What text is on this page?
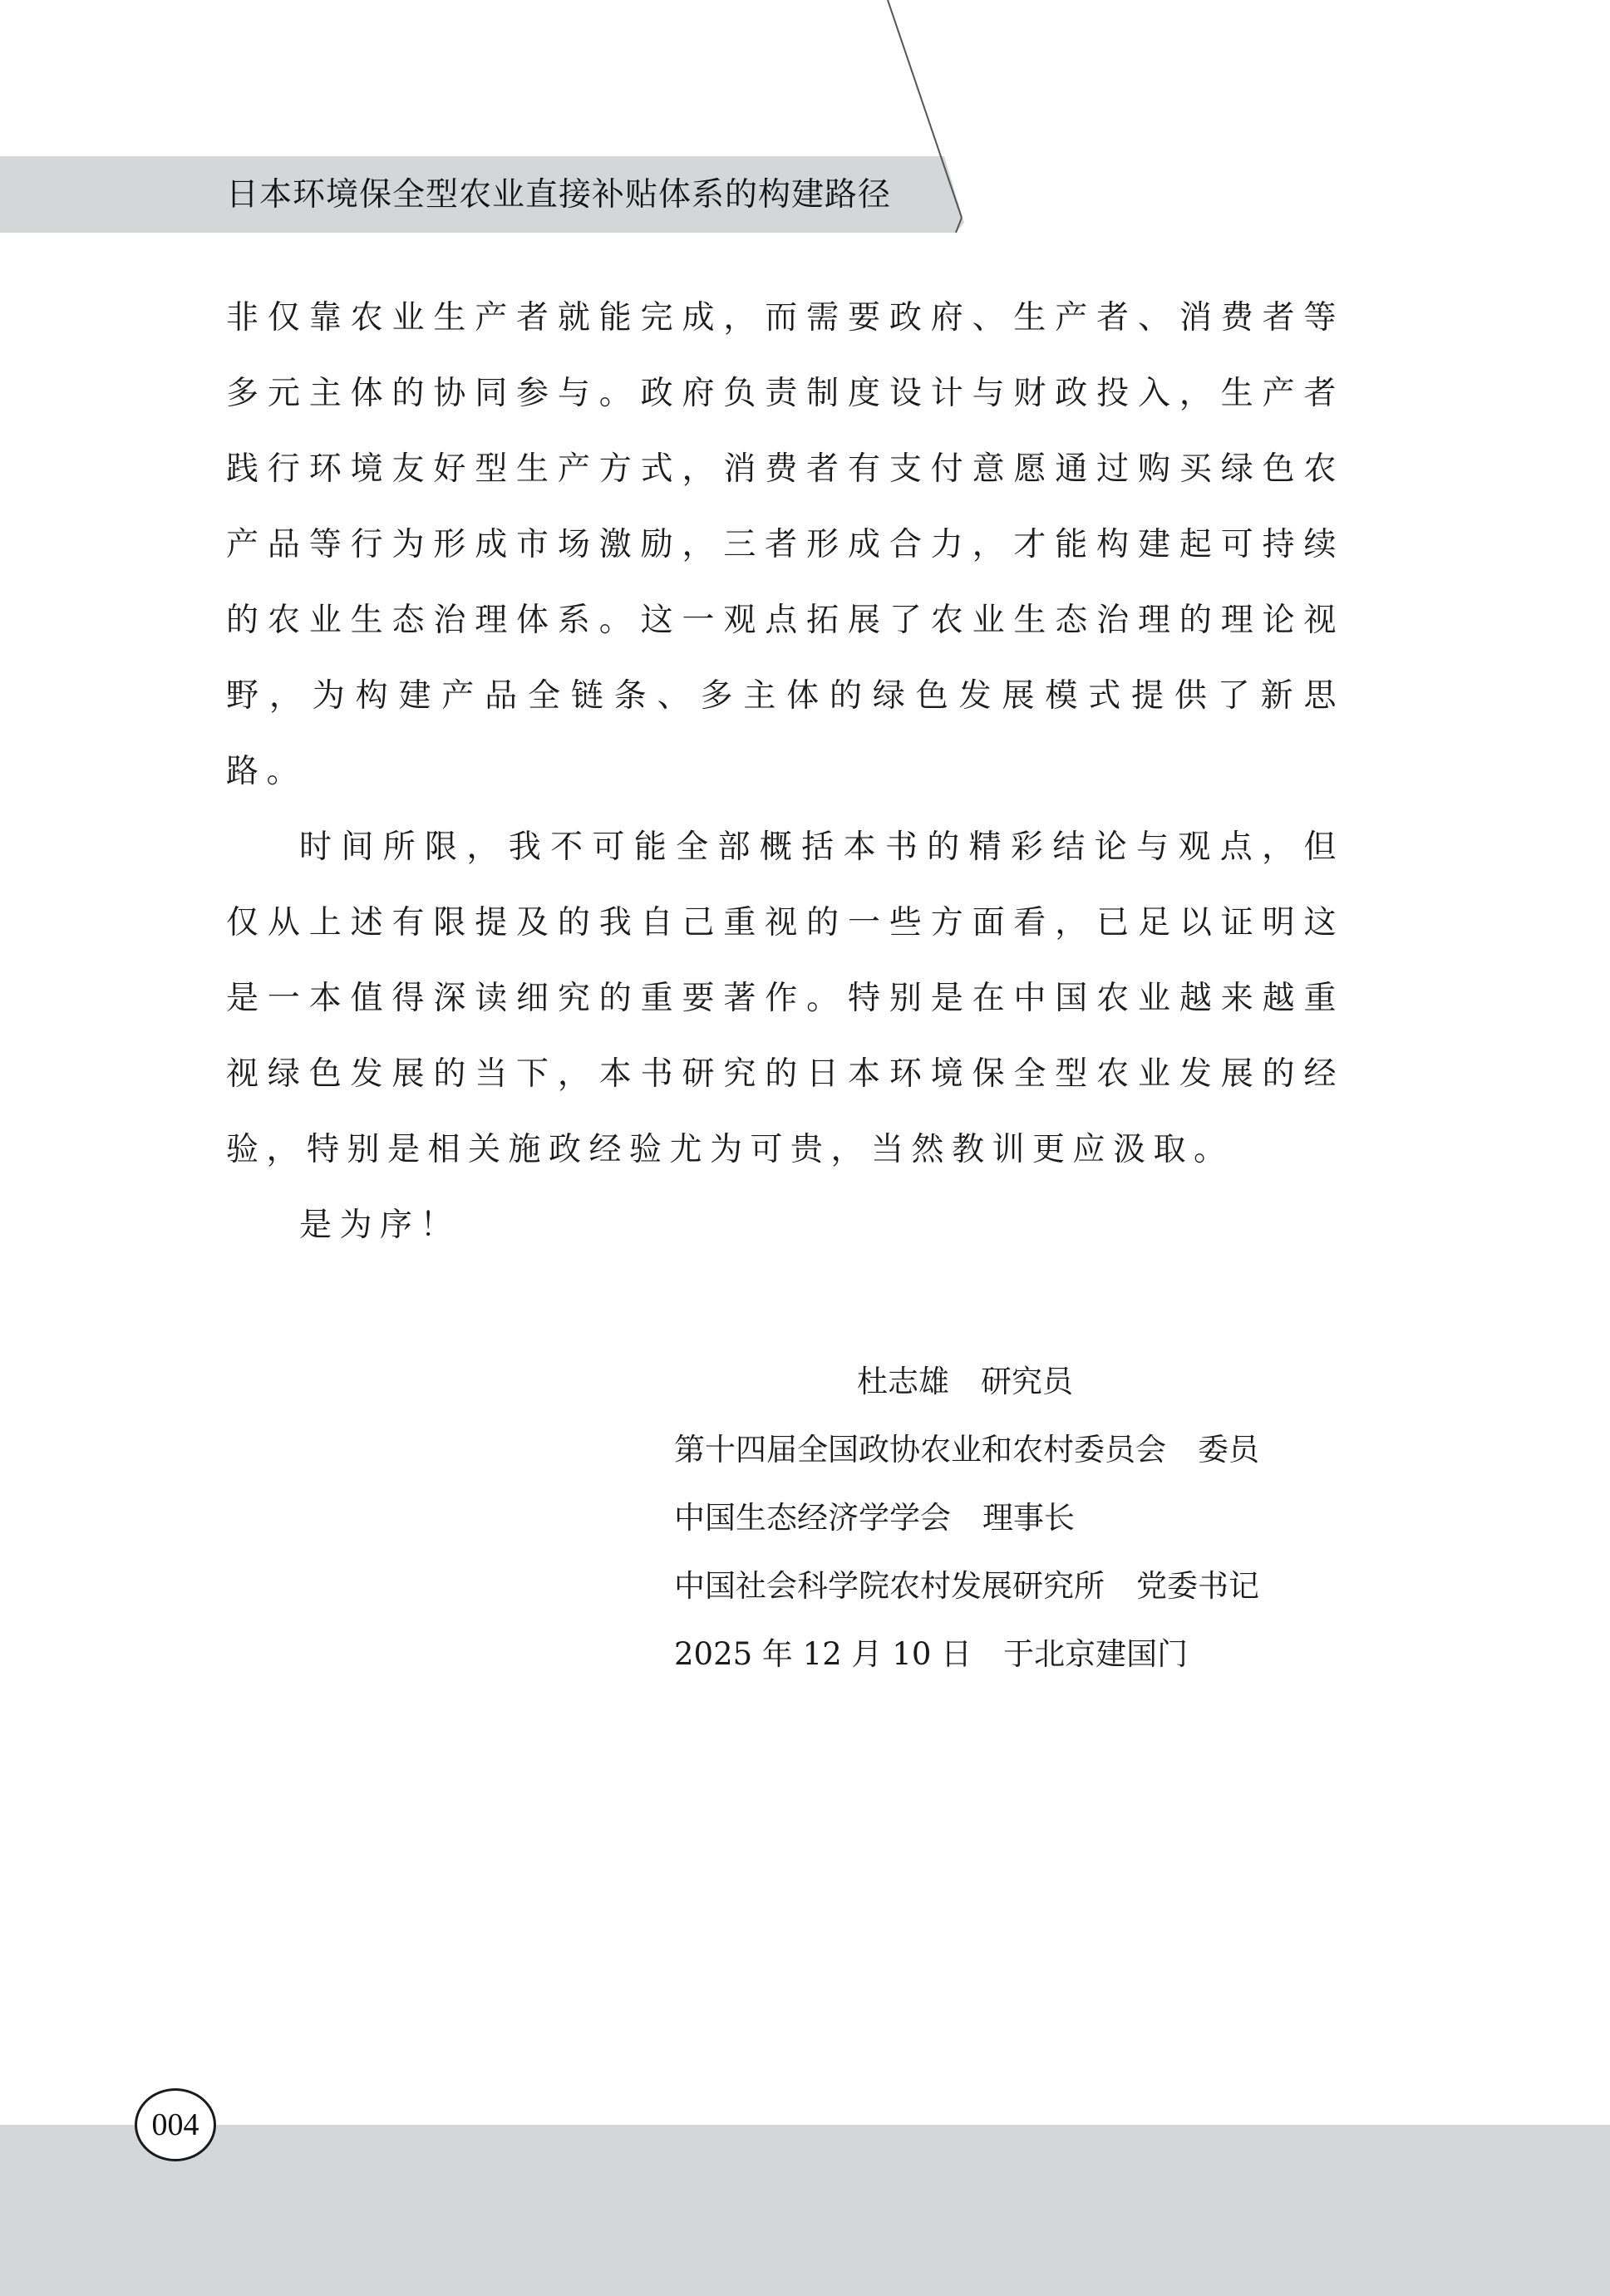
日本环境保全型农业直接补贴体系的构建路径

非仅靠农业生产者就能完成，而需要政府、生产者、消费者等多元主体的协同参与。政府负责制度设计与财政投入，生产者践行环境友好型生产方式，消费者有支付意愿通过购买绿色农产品等行为形成市场激励，三者形成合力，才能构建起可持续的农业生态治理体系。这一观点拓展了农业生态治理的理论视野，为构建产品全链条、多主体的绿色发展模式提供了新思路。

时间所限，我不可能全部概括本书的精彩结论与观点，但仅从上述有限提及的我自己重视的一些方面看，已足以证明这是一本值得深读细究的重要著作。特别是在中国农业越来越重视绿色发展的当下，本书研究的日本环境保全型农业发展的经验，特别是相关施政经验尤为可贵，当然教训更应汲取。

是为序！

杜志雄 研究员
第十四届全国政协农业和农村委员会 委员
中国生态经济学学会 理事长
中国社会科学院农村发展研究所 党委书记
2025 年 12 月 10 日 于北京建国门
004
